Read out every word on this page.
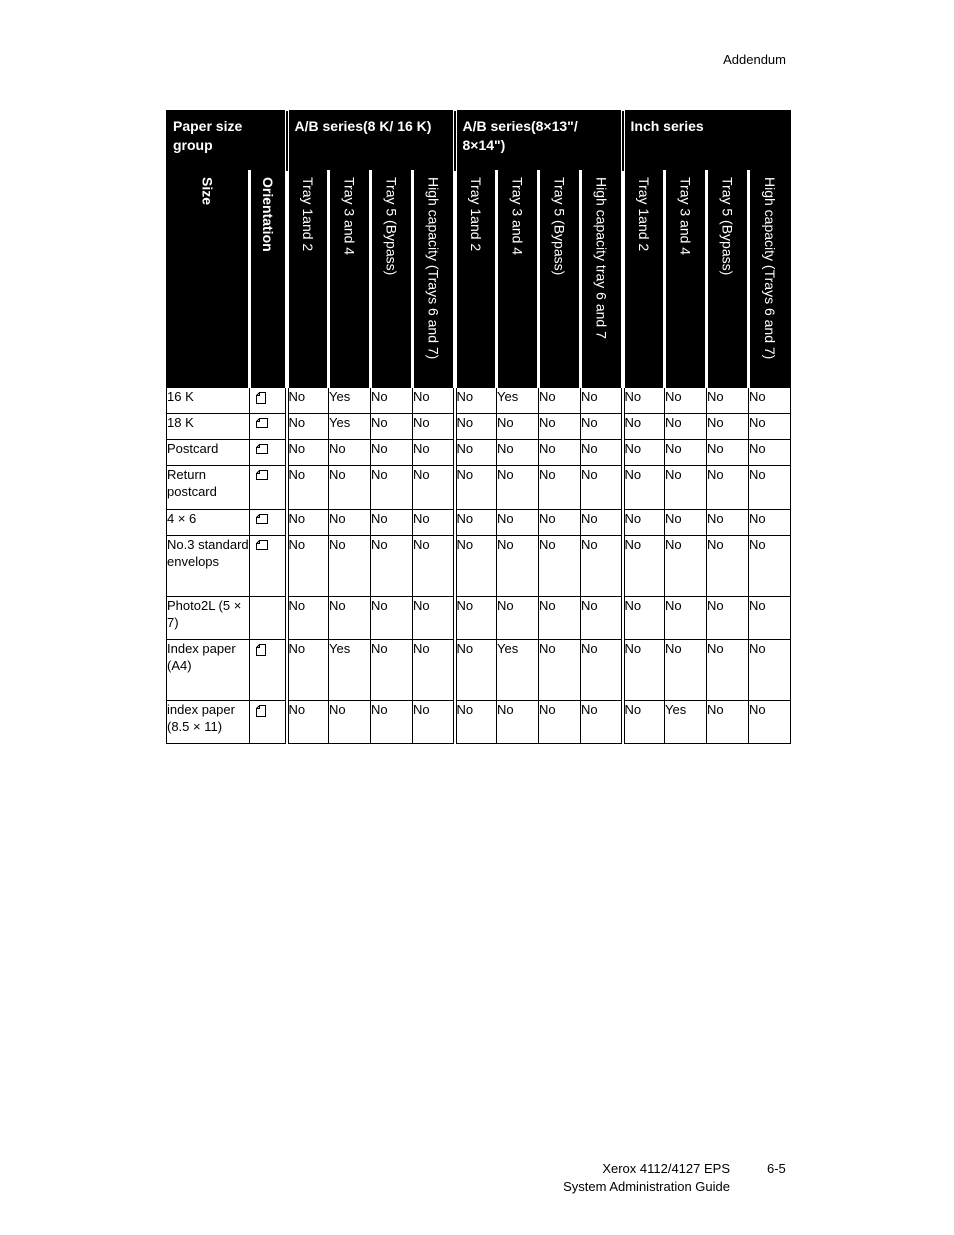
Addendum
Paper size group		A/B series(8 K/ 16 K)				A/B series(8×13"/ 8×14")				Inch series			

Size	Orientation	Tray 1and 2	Tray 3 and 4	Tray 5 (Bypass)	High capacity (Trays 6 and 7)	Tray 1and 2	Tray 3 and 4	Tray 5 (Bypass)	High capacity tray 6 and 7	Tray 1and 2	Tray 3 and 4	Tray 5 (Bypass)	High capacity (Trays 6 and 7)

16 K		No	Yes	No	No	No	Yes	No	No	No	No	No	No
18 K		No	Yes	No	No	No	No	No	No	No	No	No	No
Postcard		No	No	No	No	No	No	No	No	No	No	No	No
Return postcard		No	No	No	No	No	No	No	No	No	No	No	No
4 × 6		No	No	No	No	No	No	No	No	No	No	No	No
No.3 standard envelops		No	No	No	No	No	No	No	No	No	No	No	No
Photo2L (5 × 7)		No	No	No	No	No	No	No	No	No	No	No	No
Index paper (A4)		No	Yes	No	No	No	Yes	No	No	No	No	No	No
index paper (8.5 × 11)		No	No	No	No	No	No	No	No	No	Yes	No	No
Xerox 4112/4127 EPS
System Administration Guide
6-5
